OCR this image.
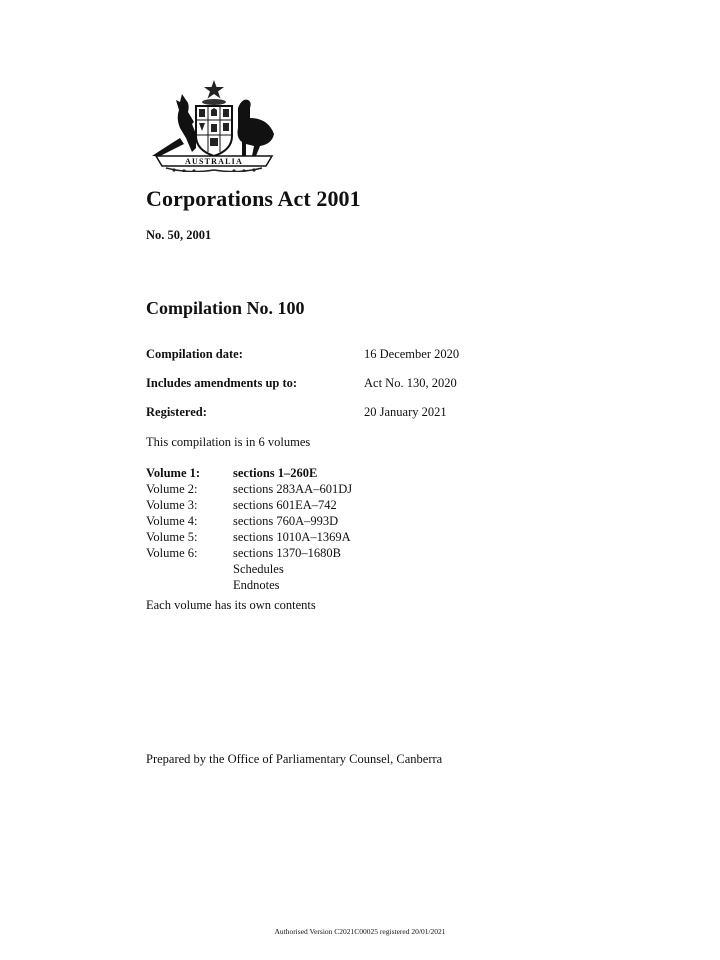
AUSTRALIA
Corporations Act 2001
No. 50, 2001
Compilation No. 100
Compilation date:	16 December 2020
Includes amendments up to:	Act No. 130, 2020
Registered:	20 January 2021
This compilation is in 6 volumes
Volume 1:	sections 1–260E
Volume 2:	sections 283AA–601DJ
Volume 3:	sections 601EA–742
Volume 4:	sections 760A–993D
Volume 5:	sections 1010A–1369A
Volume 6:	sections 1370–1680B
Schedules
Endnotes
Each volume has its own contents
Prepared by the Office of Parliamentary Counsel, Canberra
Authorised Version C2021C00025 registered 20/01/2021
